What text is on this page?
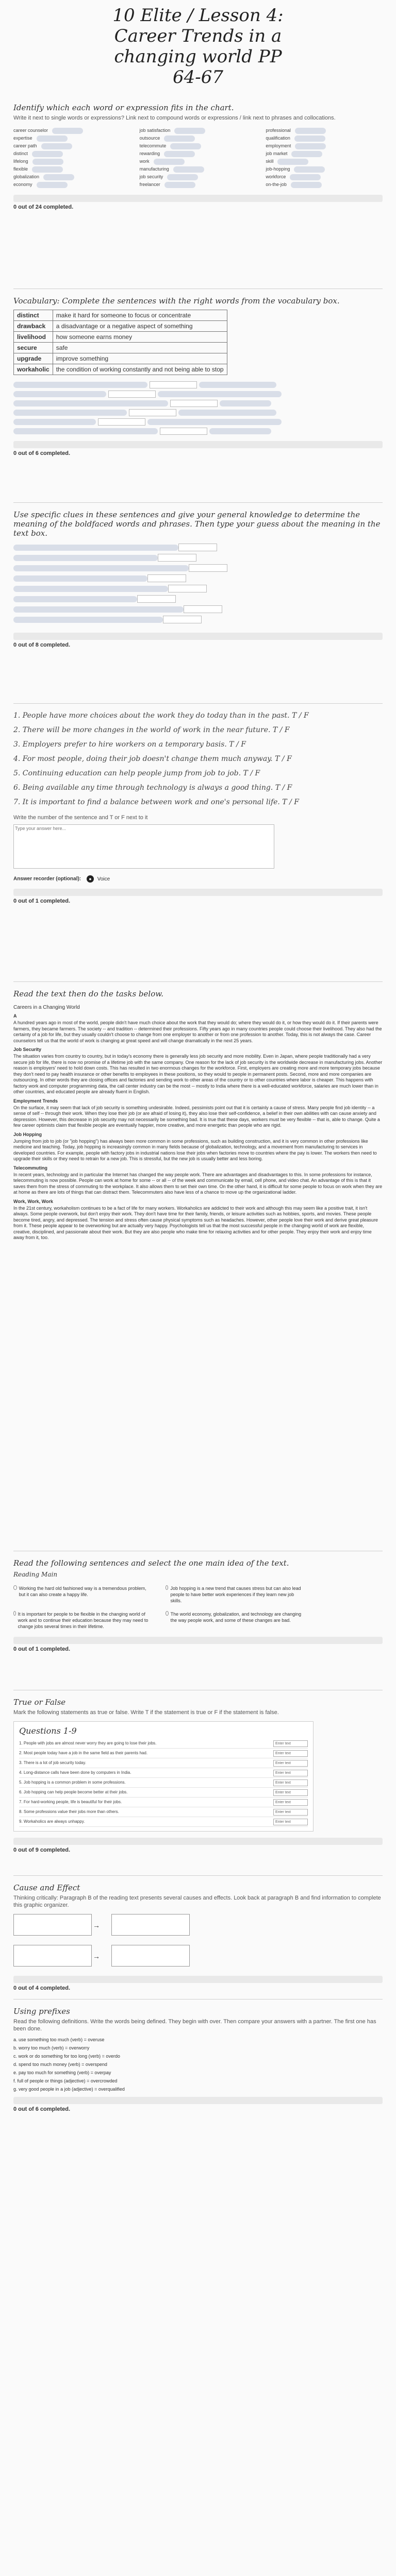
10 Elite / Lesson 4:
Career Trends in a
changing world PP
64-67
Identify which each word or expression fits in the chart.
Write it next to single words or expressions? Link next to compound words or expressions / link next to phrases and collocations.
career counselor
expertise
career path
distinct
lifelong
flexible
globalization
economy
job satisfaction
outsource
telecommute
rewarding
work
manufacturing
job security
freelancer
professional
qualification
employment
job market
skill
job-hopping
workforce
on-the-job
0 out of 24 completed.
Vocabulary: Complete the sentences with the right words from the vocabulary box.
distinct	make it hard for someone to focus or concentrate
drawback	a disadvantage or a negative aspect of something
livelihood	how someone earns money
secure	safe
upgrade	improve something
workaholic	the condition of working constantly and not being able to stop
0 out of 6 completed.
Use specific clues in these sentences and give your general knowledge to determine the meaning of the boldfaced words and phrases. Then type your guess about the meaning in the text box.
0 out of 8 completed.
1. People have more choices about the work they do today than in the past. T / F
2. There will be more changes in the world of work in the near future. T / F
3. Employers prefer to hire workers on a temporary basis. T / F
4. For most people, doing their job doesn't change them much anyway. T / F
5. Continuing education can help people jump from job to job. T / F
6. Being available any time through technology is always a good thing. T / F
7. It is important to find a balance between work and one's personal life. T / F
Write the number of the sentence and T or F next to it
Type your answer here...
Answer recorder (optional): ● Voice
0 out of 1 completed.
Read the text then do the tasks below.
Careers in a Changing World
A

A hundred years ago in most of the world, people didn't have much choice about the work that they would do; where they would do it, or how they would do it. If their parents were farmers, they became farmers. The society -- and tradition -- determined their professions. Fifty years ago in many countries people could choose their livelihood. They also had the certainty of a job for life, but they usually couldn't choose to change from one employer to another or from one profession to another. Today, this is not always the case. Career counselors tell us that the world of work is changing at great speed and will change dramatically in the next 25 years.

Job Security

The situation varies from country to country, but in today's economy there is generally less job security and more mobility. Even in Japan, where people traditionally had a very secure job for life, there is now no promise of a lifetime job with the same company. One reason for the lack of job security is the worldwide decrease in manufacturing jobs. Another reason is employers' need to hold down costs. This has resulted in two enormous changes for the workforce. First, employers are creating more and more temporary jobs because they don't need to pay health insurance or other benefits to employees in these positions, so they would to people in permanent posts. Second, more and more companies are outsourcing. In other words they are closing offices and factories and sending work to other areas of the country or to other countries where labor is cheaper. This happens with factory work and computer programming data, the call center industry can be the most -- mostly to India where there is a well-educated workforce, salaries are much lower than in other countries, and educated people are already fluent in English.

Employment Trends

On the surface, it may seem that lack of job security is something undesirable. Indeed, pessimists point out that it is certainly a cause of stress. Many people find job identity -- a sense of self -- through their work. When they lose their job (or are afraid of losing it), they also lose their self-confidence, a belief in their own abilities with can cause anxiety and depression. However, this decrease in job security may not necessarily be something bad. It is true that these days, workers must be very flexible -- that is, able to change. Quite a few career optimists claim that flexible people are eventually happier, more creative, and more energetic than people who are rigid.

Job Hopping

Jumping from job to job (or "job hopping") has always been more common in some professions, such as building construction, and it is very common in other professions like medicine and teaching. Today, job hopping is increasingly common in many fields because of globalization, technology, and a movement from manufacturing to services in developed countries. For example, people with factory jobs in industrial nations lose their jobs when factories move to countries where the pay is lower. The workers then need to upgrade their skills or they need to retrain for a new job. This is stressful, but the new job is usually better and less boring.

Telecommuting

In recent years, technology and in particular the Internet has changed the way people work. There are advantages and disadvantages to this. In some professions for instance, telecommuting is now possible. People can work at home for some -- or all -- of the week and communicate by email, cell phone, and video chat. An advantage of this is that it saves them from the stress of commuting to the workplace. It also allows them to set their own time. On the other hand, it is difficult for some people to focus on work when they are at home as there are lots of things that can distract them. Telecommuters also have less of a chance to move up the organizational ladder.

Work, Work, Work

In the 21st century, workaholism continues to be a fact of life for many workers. Workaholics are addicted to their work and although this may seem like a positive trait, it isn't always. Some people overwork, but don't enjoy their work. They don't have time for their family, friends, or leisure activities such as hobbies, sports, and movies. These people become tired, angry, and depressed. The tension and stress often cause physical symptoms such as headaches. However, other people love their work and derive great pleasure from it. These people appear to be overworking but are actually very happy. Psychologists tell us that the most successful people in the changing world of work are flexible, creative, disciplined, and passionate about their work. But they are also people who make time for relaxing activities and for other people. They enjoy their work and enjoy time away from it, too.

Read the following sentences and select the one main idea of the text.
Reading Main
Working the hard old fashioned way is a tremendous problem, but it can also create a happy life.
Job hopping is a new trend that causes stress but can also lead people to have better work experiences if they learn new job skills.
It is important for people to be flexible in the changing world of work and to continue their education because they may need to change jobs several times in their lifetime.
The world economy, globalization, and technology are changing the way people work, and some of these changes are bad.
0 out of 1 completed.
True or False
Mark the following statements as true or false. Write T if the statement is true or F if the statement is false.
Questions 1-9
1. People with jobs are almost never worry they are going to lose their jobs.	Enter text
2. Most people today have a job in the same field as their parents had.	Enter text
3. There is a lot of job security today.	Enter text
4. Long-distance calls have been done by computers in India.	Enter text
5. Job hopping is a common problem in some professions.	Enter text
6. Job hopping can help people become better at their jobs.	Enter text
7. For hard-working people, life is beautiful for their jobs.	Enter text
8. Some professions value their jobs more than others.	Enter text
9. Workaholics are always unhappy.	Enter text
0 out of 9 completed.
Cause and Effect
Thinking critically: Paragraph B of the reading text presents several causes and effects. Look back at paragraph B and find information to complete this graphic organizer.
→
→
0 out of 4 completed.
Using prefixes
Read the following definitions. Write the words being defined. They begin with over. Then compare your answers with a partner. The first one has been done.
a. use something too much (verb) = overuse
b. worry too much (verb) = overworry
c. work or do something for too long (verb) = overdo
d. spend too much money (verb) = overspend
e. pay too much for something (verb) = overpay
f. full of people or things (adjective) = overcrowded
g. very good people in a job (adjective) = overqualified
0 out of 6 completed.
